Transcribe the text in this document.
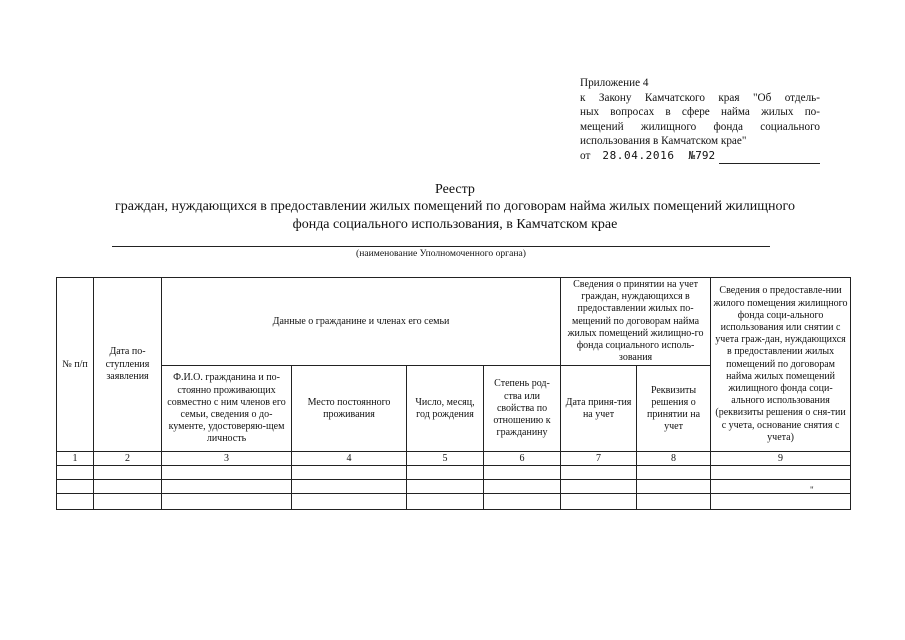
Приложение 4
к Закону Камчатского края "Об отдель-
ных вопросах в сфере найма жилых по-
мещений жилищного фонда социального
использования в Камчатском крае"
от 28.04.2016 №792
Реестр
граждан, нуждающихся в предоставлении жилых помещений по договорам найма жилых помещений жилищного
фонда социального использования, в Камчатском крае
(наименование Уполномоченного органа)
№ п/п	Дата по-ступления заявления	Данные о гражданине и членах его семьи				Сведения о принятии на учет граждан, нуждающихся в предоставлении жилых по-мещений по договорам найма жилых помещений жилищно-го фонда социального исполь-зования		Сведения о предоставле-нии жилого помещения жилищного фонда соци-ального использования или снятии с учета граж-дан, нуждающихся в предоставлении жилых помещений по договорам найма жилых помещений жилищного фонда соци-ального использования (реквизиты решения о сня-тии с учета, основание снятия с учета)
		Ф.И.О. гражданина и по-стоянно проживающих совместно с ним членов его семьи, сведения о до-кументе, удостоверяю-щем личность	Место постоянного проживания	Число, месяц, год рождения	Степень род-ства или свойства по отношению к гражданину	Дата приня-тия на учет	Реквизиты решения о принятии на учет	
1	2	3	4	5	6	7	8	9

"
